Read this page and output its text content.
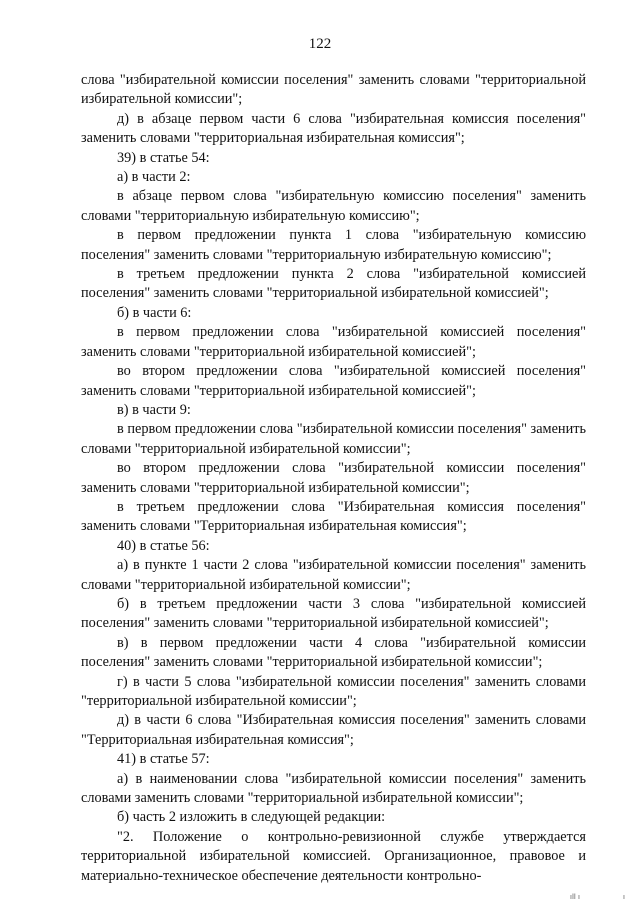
122

слова "избирательной комиссии поселения" заменить словами "территориальной избирательной комиссии";

д) в абзаце первом части 6 слова "избирательная комиссия поселения" заменить словами "территориальная избирательная комиссия";

39) в статье 54:

а) в части 2:

в абзаце первом слова "избирательную комиссию поселения" заменить словами "территориальную избирательную комиссию";

в первом предложении пункта 1 слова "избирательную комиссию поселения" заменить словами "территориальную избирательную комиссию";

в третьем предложении пункта 2 слова "избирательной комиссией поселения" заменить словами "территориальной избирательной комиссией";

б) в части 6:

в первом предложении слова "избирательной комиссией поселения" заменить словами "территориальной избирательной комиссией";

во втором предложении слова "избирательной комиссией поселения" заменить словами "территориальной избирательной комиссией";

в) в части 9:

в первом предложении слова "избирательной комиссии поселения" заменить словами "территориальной избирательной комиссии";

во втором предложении слова "избирательной комиссии поселения" заменить словами "территориальной избирательной комиссии";

в третьем предложении слова "Избирательная комиссия поселения" заменить словами "Территориальная избирательная комиссия";

40) в статье 56:

а) в пункте 1 части 2 слова "избирательной комиссии поселения" заменить словами "территориальной избирательной комиссии";

б) в третьем предложении части 3 слова "избирательной комиссией поселения" заменить словами "территориальной избирательной комиссией";

в) в первом предложении части 4 слова "избирательной комиссии поселения" заменить словами "территориальной избирательной комиссии";

г) в части 5 слова "избирательной комиссии поселения" заменить словами "территориальной избирательной комиссии";

д) в части 6 слова "Избирательная комиссия поселения" заменить словами "Территориальная избирательная комиссия";

41) в статье 57:

а) в наименовании слова "избирательной комиссии поселения" заменить словами заменить словами "территориальной избирательной комиссии";

б) часть 2 изложить в следующей редакции:

"2. Положение о контрольно-ревизионной службе утверждается территориальной избирательной комиссией. Организационное, правовое и материально-техническое обеспечение деятельности контрольно-

ıll ı	ı
